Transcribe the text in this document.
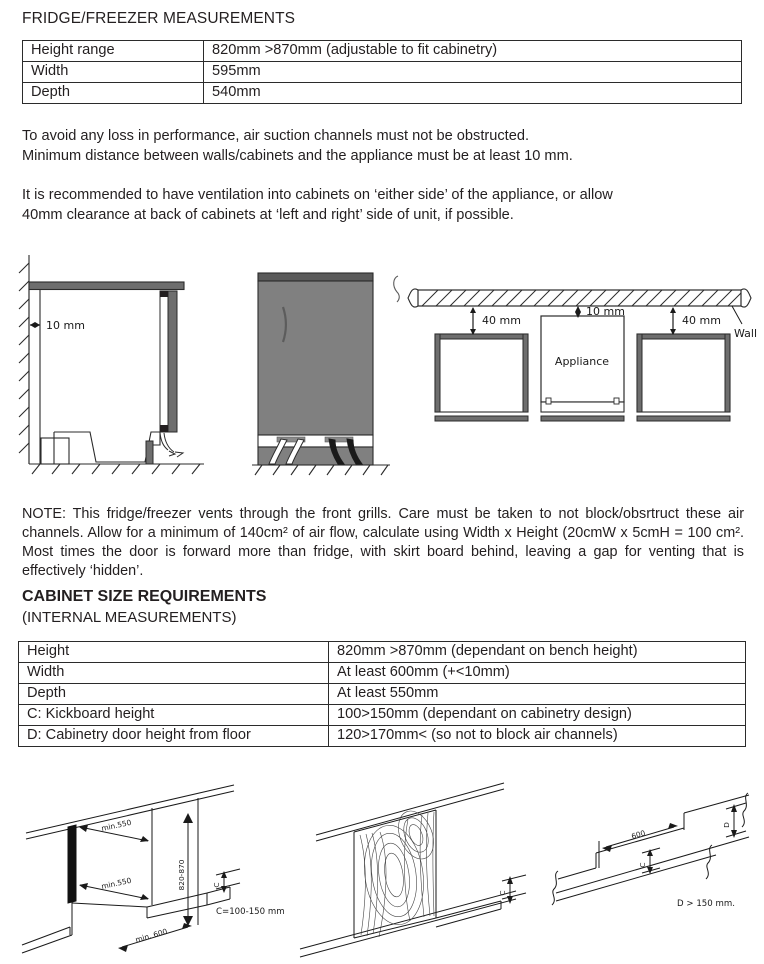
FRIDGE/FREEZER MEASUREMENTS
Height range	820mm >870mm (adjustable to fit cabinetry)
Width	595mm
Depth	540mm
To avoid any loss in performance, air suction channels must not be obstructed.
Minimum distance between walls/cabinets and the appliance must be at least 10 mm.
It is recommended to have ventilation into cabinets on ‘either side’ of the appliance, or allow
40mm clearance at back of cabinets at ‘left and right’ side of unit, if possible.
10 mm
Appliance
40 mm
10 mm
40 mm
Wall
NOTE: This fridge/freezer vents through the front grills. Care must be taken to not block/obsrtruct these air channels. Allow for a minimum of 140cm² of air flow, calculate using Width x Height (20cmW x 5cmH = 100 cm². Most times the door is forward more than fridge, with skirt board behind, leaving a gap for venting that is effectively ‘hidden’.
CABINET SIZE REQUIREMENTS
(INTERNAL MEASUREMENTS)
Height	820mm >870mm (dependant on bench height)
Width	At least 600mm (+<10mm)
Depth	At least 550mm
C: Kickboard height	100>150mm (dependant on cabinetry design)
D: Cabinetry door height from floor	120>170mm< (so not to block air channels)
min.550
min.550	820-870
min. 600
C
C=100-150 mm
C
600
C
D
D > 150 mm.
